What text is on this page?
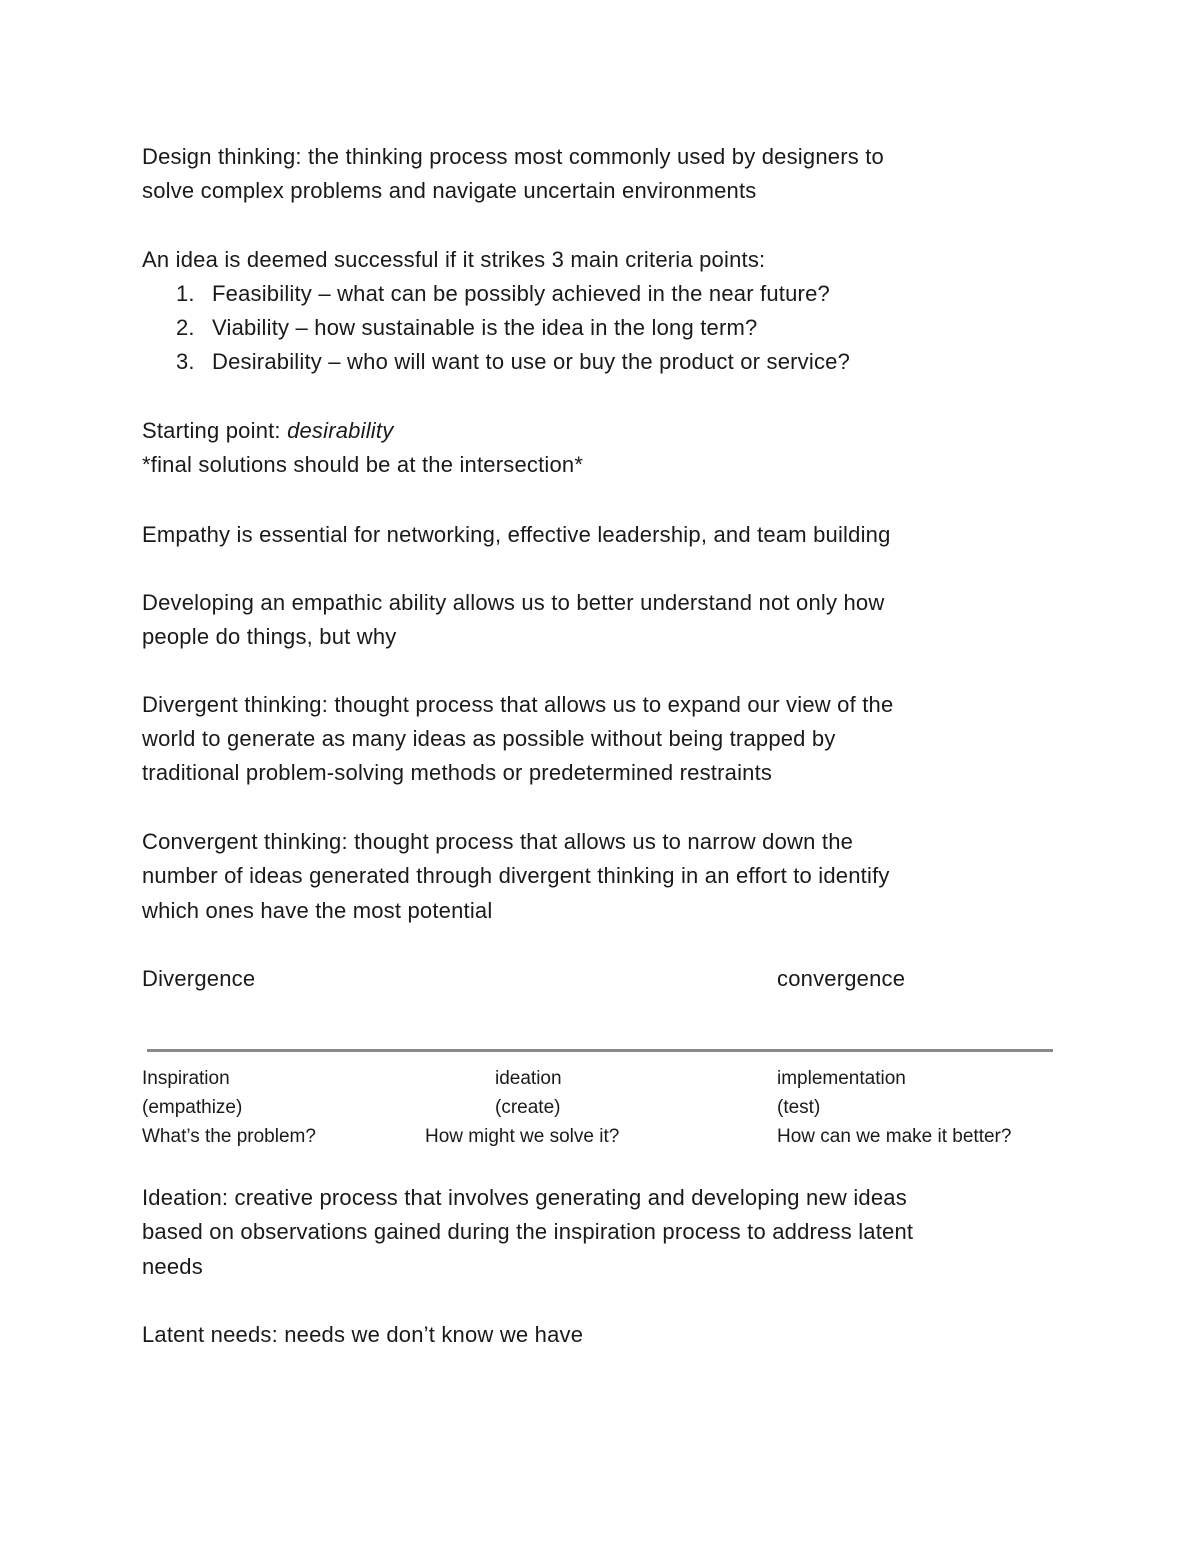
Design thinking: the thinking process most commonly used by designers to
solve complex problems and navigate uncertain environments
An idea is deemed successful if it strikes 3 main criteria points:
1. Feasibility – what can be possibly achieved in the near future?
2. Viability – how sustainable is the idea in the long term?
3. Desirability – who will want to use or buy the product or service?
Starting point: desirability
*final solutions should be at the intersection*
Empathy is essential for networking, effective leadership, and team building
Developing an empathic ability allows us to better understand not only how
people do things, but why
Divergent thinking: thought process that allows us to expand our view of the
world to generate as many ideas as possible without being trapped by
traditional problem-solving methods or predetermined restraints
Convergent thinking: thought process that allows us to narrow down the
number of ideas generated through divergent thinking in an effort to identify
which ones have the most potential
Divergence	convergence
Inspiration
(empathize)
What’s the problem?
ideation
(create)
How might we solve it?
implementation
(test)
How can we make it better?
Ideation: creative process that involves generating and developing new ideas
based on observations gained during the inspiration process to address latent
needs
Latent needs: needs we don’t know we have
